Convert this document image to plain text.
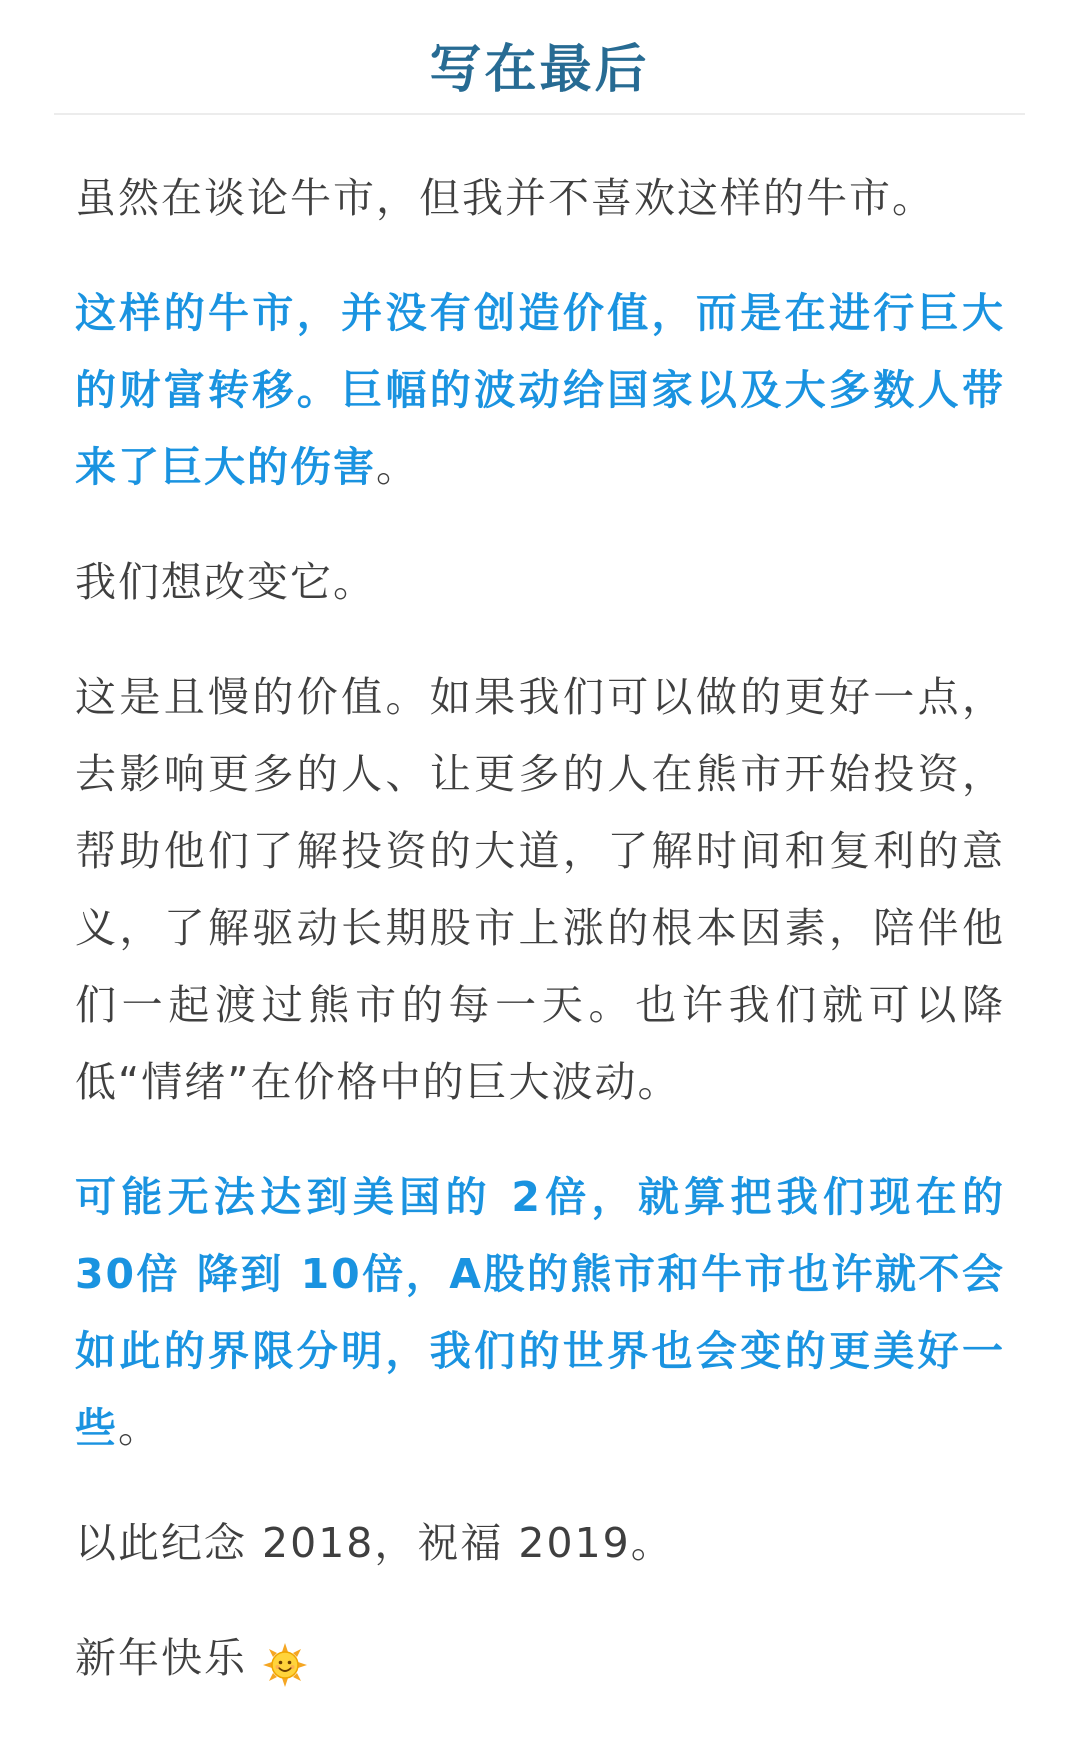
写在最后

虽然在谈论牛市，但我并不喜欢这样的牛市。

这样的牛市，并没有创造价值，而是在进行巨大的财富转移。巨幅的波动给国家以及大多数人带来了巨大的伤害。

我们想改变它。

这是且慢的价值。如果我们可以做的更好一点，去影响更多的人、让更多的人在熊市开始投资，帮助他们了解投资的大道，了解时间和复利的意义，了解驱动长期股市上涨的根本因素，陪伴他们一起渡过熊市的每一天。也许我们就可以降低“情绪”在价格中的巨大波动。

可能无法达到美国的 2倍，就算把我们现在的 30倍 降到 10倍，A股的熊市和牛市也许就不会如此的界限分明，我们的世界也会变的更美好一些。

以此纪念 2018，祝福 2019。

新年快乐
